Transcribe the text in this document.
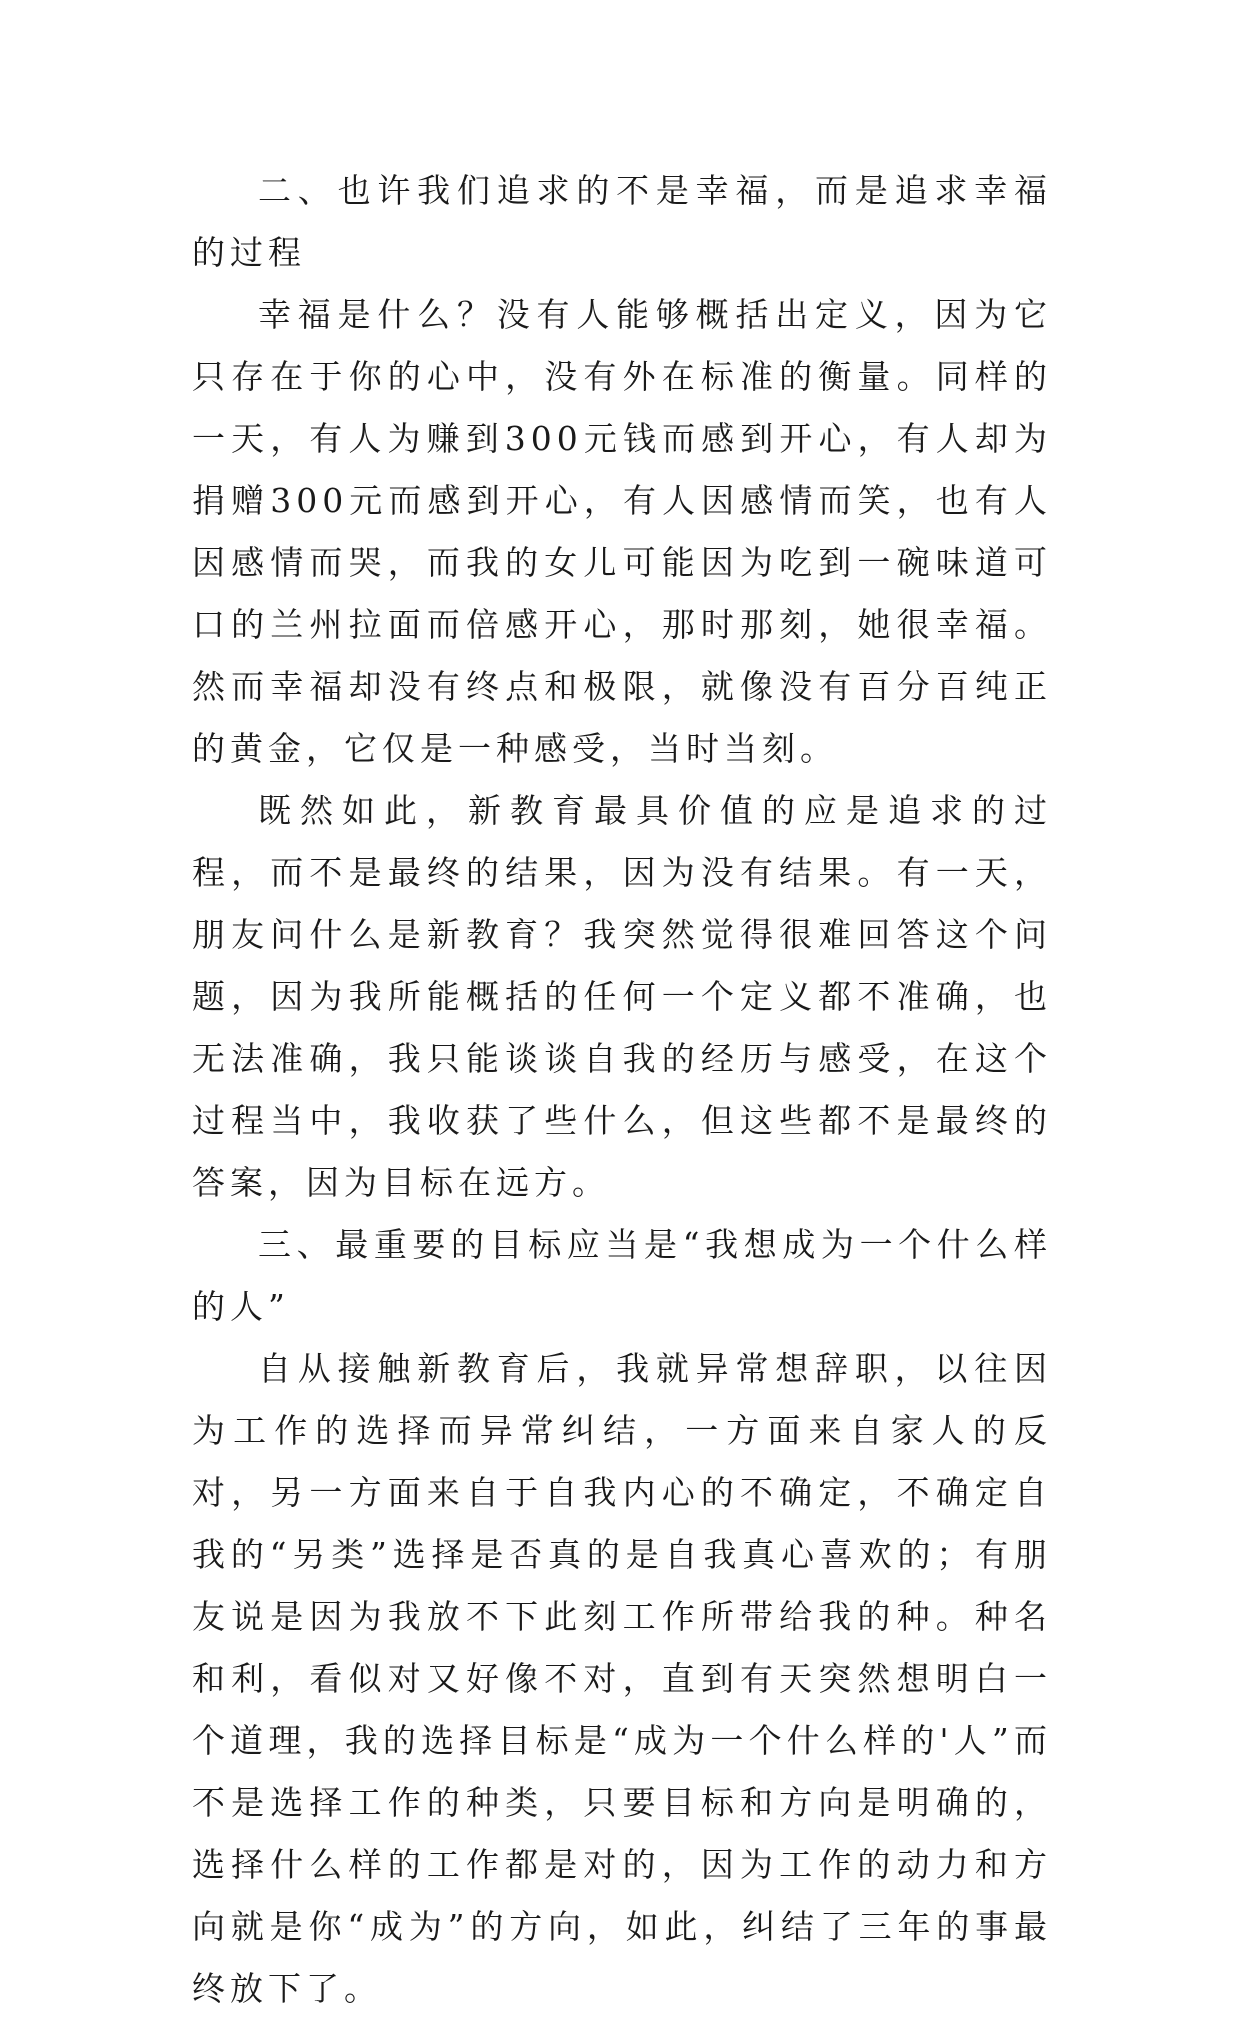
二、也许我们追求的不是幸福，而是追求幸福的过程

幸福是什么？没有人能够概括出定义，因为它只存在于你的心中，没有外在标准的衡量。同样的一天，有人为赚到300元钱而感到开心，有人却为捐赠300元而感到开心，有人因感情而笑，也有人因感情而哭，而我的女儿可能因为吃到一碗味道可口的兰州拉面而倍感开心，那时那刻，她很幸福。然而幸福却没有终点和极限，就像没有百分百纯正的黄金，它仅是一种感受，当时当刻。

既然如此，新教育最具价值的应是追求的过程，而不是最终的结果，因为没有结果。有一天，朋友问什么是新教育？我突然觉得很难回答这个问题，因为我所能概括的任何一个定义都不准确，也无法准确，我只能谈谈自我的经历与感受，在这个过程当中，我收获了些什么，但这些都不是最终的答案，因为目标在远方。

三、最重要的目标应当是“我想成为一个什么样的人”

自从接触新教育后，我就异常想辞职，以往因为工作的选择而异常纠结，一方面来自家人的反对，另一方面来自于自我内心的不确定，不确定自我的“另类”选择是否真的是自我真心喜欢的；有朋友说是因为我放不下此刻工作所带给我的种。种名和利，看似对又好像不对，直到有天突然想明白一个道理，我的选择目标是“成为一个什么样的'人”而不是选择工作的种类，只要目标和方向是明确的，选择什么样的工作都是对的，因为工作的动力和方向就是你“成为”的方向，如此，纠结了三年的事最终放下了。
